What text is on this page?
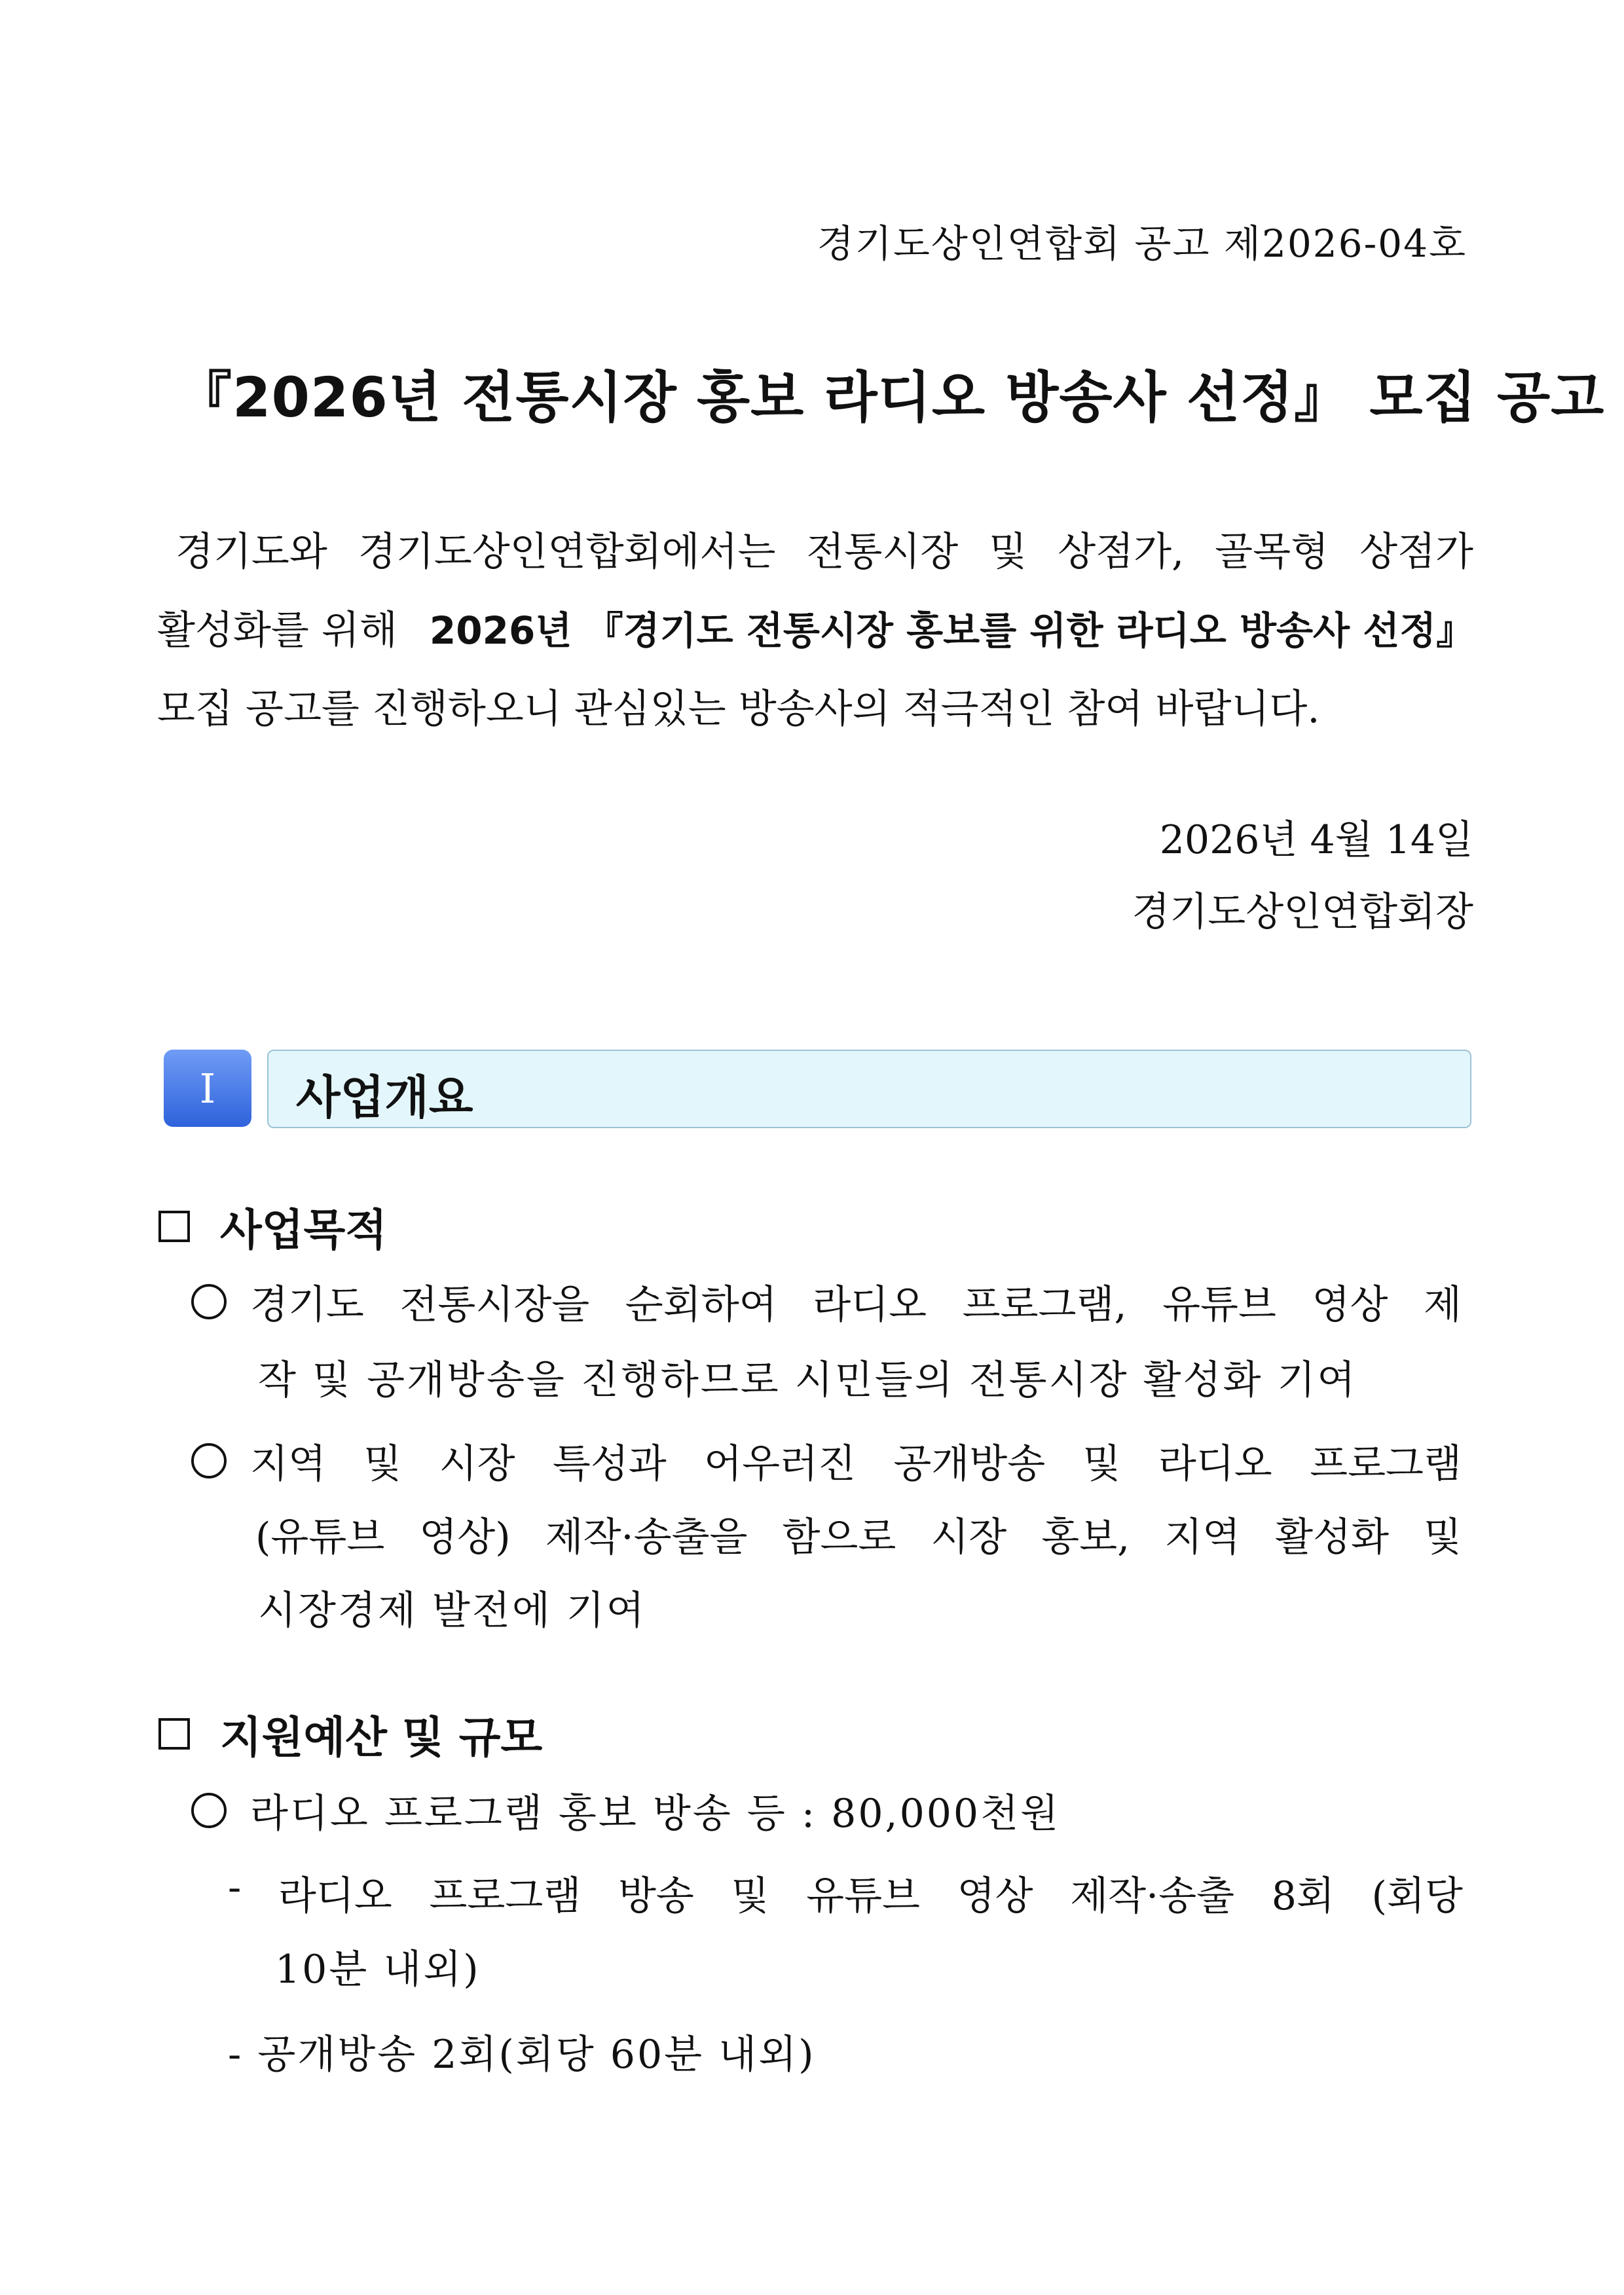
경기도상인연합회 공고 제2026-04호
『2026년 전통시장 홍보 라디오 방송사 선정』 모집 공고
경기도와 경기도상인연합회에서는 전통시장 및 상점가, 골목형 상점가
활성화를 위해 2026년 『경기도 전통시장 홍보를 위한 라디오 방송사 선정』
모집 공고를 진행하오니 관심있는 방송사의 적극적인 참여 바랍니다.
2026년 4월 14일
경기도상인연합회장
Ⅰ	사업개요
사업목적
경기도 전통시장을 순회하여 라디오 프로그램, 유튜브 영상 제
작 및 공개방송을 진행하므로 시민들의 전통시장 활성화 기여
지역 및 시장 특성과 어우러진 공개방송 및 라디오 프로그램
(유튜브 영상) 제작·송출을 함으로 시장 홍보, 지역 활성화 및
시장경제 발전에 기여
지원예산 및 규모
라디오 프로그램 홍보 방송 등 : 80,000천원
- 라디오 프로그램 방송 및 유튜브 영상 제작·송출 8회 (회당
10분 내외)
- 공개방송 2회(회당 60분 내외)
